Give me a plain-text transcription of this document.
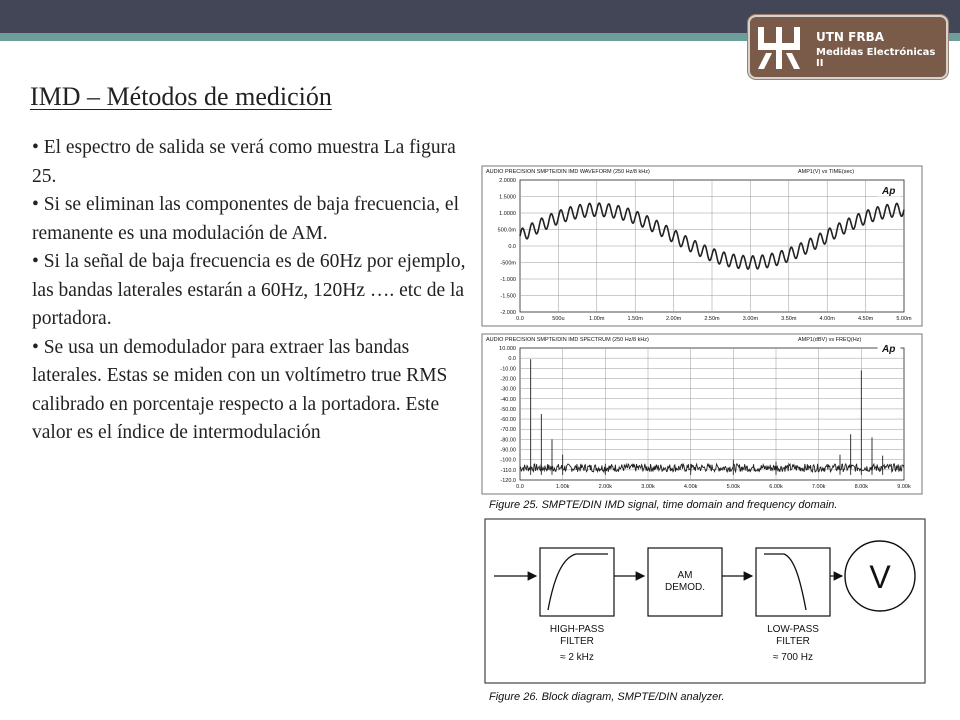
UTN FRBA
Medidas Electrónicas II
IMD – Métodos de medición
• El espectro de salida se verá como muestra La figura 25.
• Si se eliminan las componentes de baja frecuencia, el remanente es una modulación de AM.
• Si la señal de baja frecuencia es de 60Hz por ejemplo, las bandas laterales estarán a 60Hz, 120Hz …. etc de la portadora.
• Se usa un demodulador para extraer las bandas laterales. Estas se miden con un voltímetro true RMS calibrado en porcentaje respecto a la portadora. Este valor es el índice de intermodulación
AUDIO PRECISION SMPTE/DIN IMD WAVEFORM (250 Hz/8 kHz)	AMP1(V) vs TIME(sec)
2.0000
1.5000
1.0000
500.0m
0.0
-500m
-1.000
-1.500
-2.000
0.0	500u	1.00m	1.50m	2.00m	2.50m	3.00m	3.50m	4.00m	4.50m	5.00m
Ap
AUDIO PRECISION SMPTE/DIN IMD SPECTRUM (250 Hz/8 kHz)	AMP1(dBV) vs FREQ(Hz)
10.000
0.0
-10.00
-20.00
-30.00
-40.00
-50.00
-60.00
-70.00
-80.00
-90.00
-100.0
-110.0
-120.0
0.0	1.00k	2.00k	3.00k	4.00k	5.00k	6.00k	7.00k	8.00k	9.00k
Ap
Figure 25. SMPTE/DIN IMD signal, time domain and frequency domain.
HIGH-PASS
FILTER
≈ 2 kHz
AM
DEMOD.
LOW-PASS
FILTER
≈ 700 Hz
V
Figure 26. Block diagram, SMPTE/DIN analyzer.
